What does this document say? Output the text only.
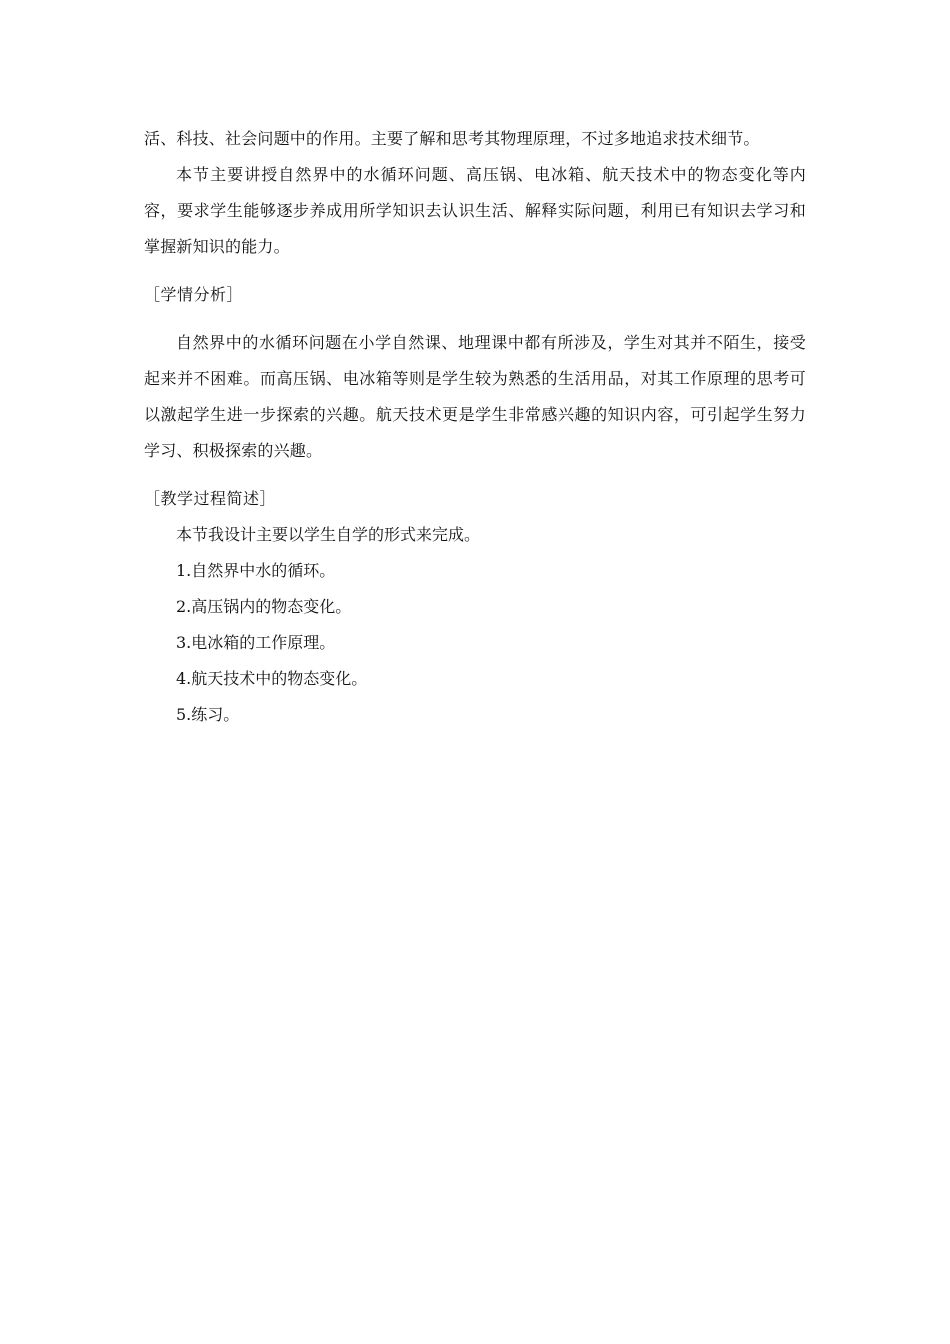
活、科技、社会问题中的作用。主要了解和思考其物理原理，不过多地追求技术细节。

本节主要讲授自然界中的水循环问题、高压锅、电冰箱、航天技术中的物态变化等内容，要求学生能够逐步养成用所学知识去认识生活、解释实际问题，利用已有知识去学习和掌握新知识的能力。

［学情分析］

自然界中的水循环问题在小学自然课、地理课中都有所涉及，学生对其并不陌生，接受起来并不困难。而高压锅、电冰箱等则是学生较为熟悉的生活用品，对其工作原理的思考可以激起学生进一步探索的兴趣。航天技术更是学生非常感兴趣的知识内容，可引起学生努力学习、积极探索的兴趣。

［教学过程简述］

本节我设计主要以学生自学的形式来完成。

1.自然界中水的循环。

2.高压锅内的物态变化。

3.电冰箱的工作原理。

4.航天技术中的物态变化。

5.练习。
